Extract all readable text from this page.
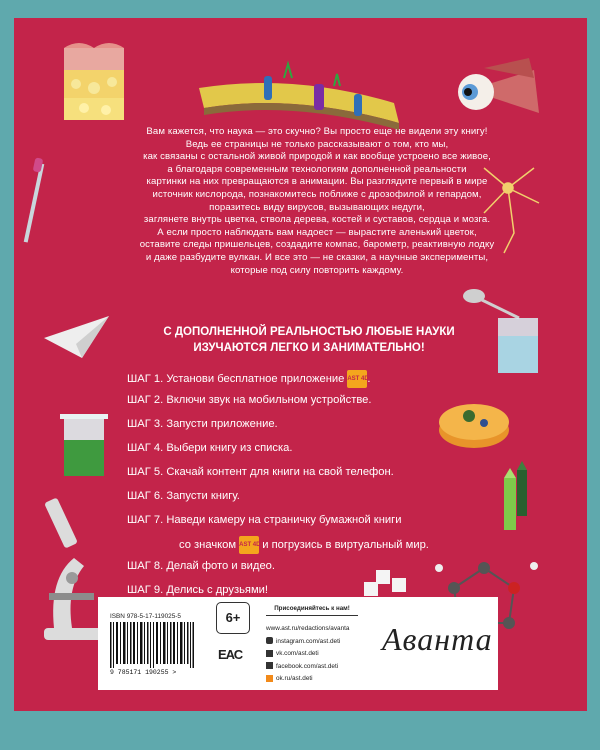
Вам кажется, что наука — это скучно? Вы просто еще не видели эту книгу!

Ведь ее страницы не только рассказывают о том, кто мы,

как связаны с остальной живой природой и как вообще устроено все живое,

а благодаря современным технологиям дополненной реальности

картинки на них превращаются в анимации. Вы разглядите первый в мире

источник кислорода, познакомитесь поближе с дрозофилой и гепардом,

поразитесь виду вирусов, вызывающих недуги,

заглянете внутрь цветка, ствола дерева, костей и суставов, сердца и мозга.

А если просто наблюдать вам надоест — вырастите аленький цветок,

оставите следы пришельцев, создадите компас, барометр, реактивную лодку

и даже разбудите вулкан. И все это — не сказки, а научные эксперименты,

которые под силу повторить каждому.

С ДОПОЛНЕННОЙ РЕАЛЬНОСТЬЮ ЛЮБЫЕ НАУКИ
ИЗУЧАЮТСЯ ЛЕГКО И ЗАНИМАТЕЛЬНО!
ШАГ 1. Установи бесплатное приложение AST 4D.
ШАГ 2. Включи звук на мобильном устройстве.
ШАГ 3. Запусти приложение.
ШАГ 4. Выбери книгу из списка.
ШАГ 5. Скачай контент для книги на свой телефон.
ШАГ 6. Запусти книгу.
ШАГ 7. Наведи камеру на страничку бумажной книги
со значком AST 4D и погрузись в виртуальный мир.
ШАГ 8. Делай фото и видео.
ШАГ 9. Делись с друзьями!
ISBN 978-5-17-119025-5
9 785171 190255 >
6+
ЕАС
Присоединяйтесь к нам!
www.ast.ru/redactions/avanta
instagram.com/ast.deti
vk.com/ast.deti
facebook.com/ast.deti
ok.ru/ast.deti
Аванта
